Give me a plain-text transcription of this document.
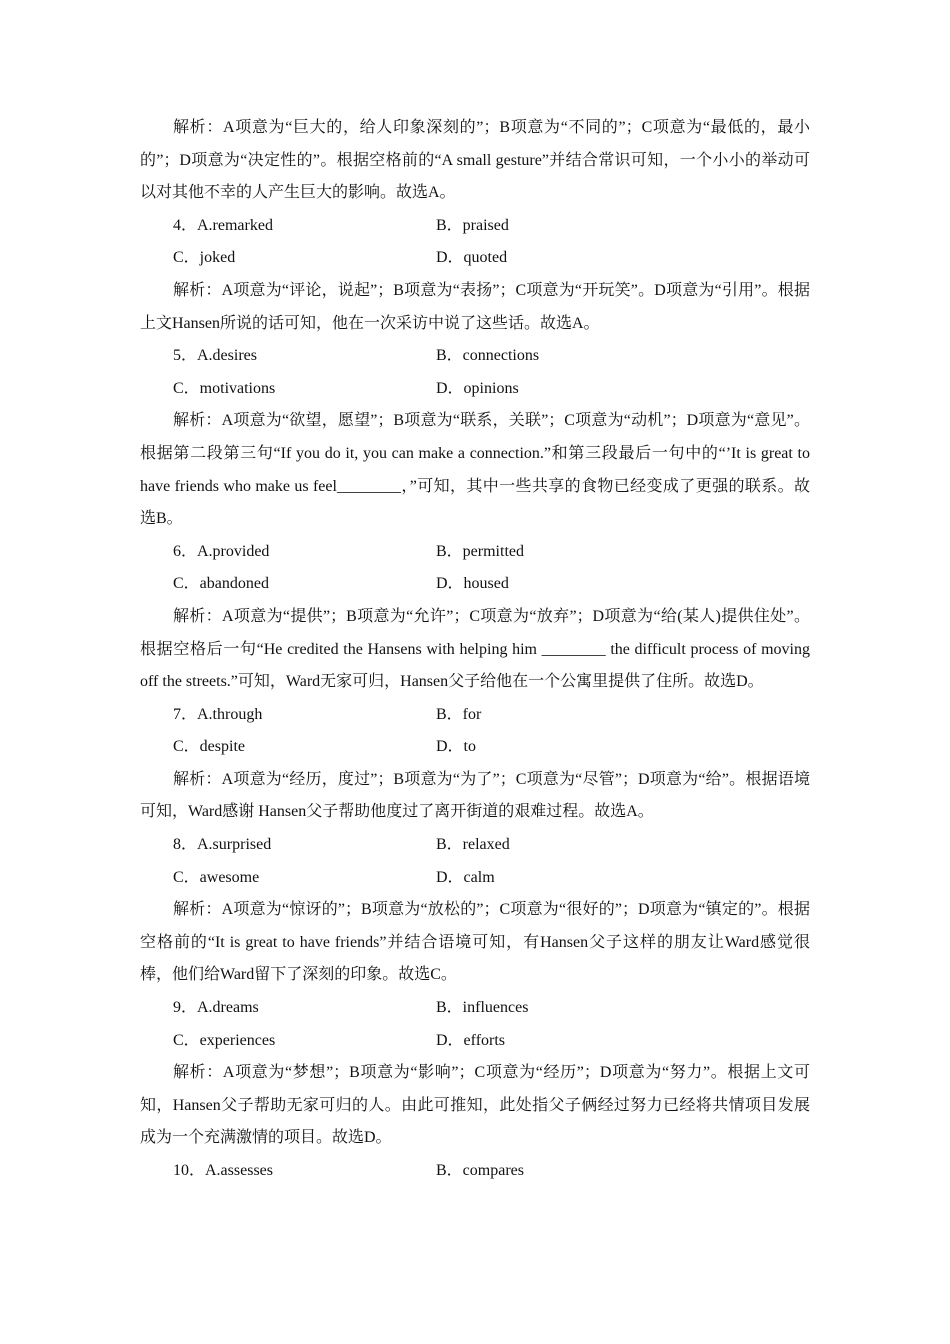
解析：A项意为“巨大的，给人印象深刻的”；B项意为“不同的”；C项意为“最低的，最小的”；D项意为“决定性的”。根据空格前的“A small gesture”并结合常识可知，一个小小的举动可以对其他不幸的人产生巨大的影响。故选A。

4．A.remarked	B．praised
C．joked	D．quoted

解析：A项意为“评论，说起”；B项意为“表扬”；C项意为“开玩笑”。D项意为“引用”。根据上文Hansen所说的话可知，他在一次采访中说了这些话。故选A。

5．A.desires	B．connections
C．motivations	D．opinions

解析：A项意为“欲望，愿望”；B项意为“联系，关联”；C项意为“动机”；D项意为“意见”。根据第二段第三句“If you do it, you can make a connection.”和第三段最后一句中的“’It is great to have friends who make us feel________，”可知，其中一些共享的食物已经变成了更强的联系。故选B。

6．A.provided	B．permitted
C．abandoned	D．housed

解析：A项意为“提供”；B项意为“允许”；C项意为“放弃”；D项意为“给(某人)提供住处”。根据空格后一句“He credited the Hansens with helping him ________ the difficult process of moving off the streets.”可知，Ward无家可归，Hansen父子给他在一个公寓里提供了住所。故选D。

7．A.through	B．for
C．despite	D．to

解析：A项意为“经历，度过”；B项意为“为了”；C项意为“尽管”；D项意为“给”。根据语境可知，Ward感谢 Hansen父子帮助他度过了离开街道的艰难过程。故选A。

8．A.surprised	B．relaxed
C．awesome	D．calm

解析：A项意为“惊讶的”；B项意为“放松的”；C项意为“很好的”；D项意为“镇定的”。根据空格前的“It is great to have friends”并结合语境可知，有Hansen父子这样的朋友让Ward感觉很棒，他们给Ward留下了深刻的印象。故选C。

9．A.dreams	B．influences
C．experiences	D．efforts

解析：A项意为“梦想”；B项意为“影响”；C项意为“经历”；D项意为“努力”。根据上文可知，Hansen父子帮助无家可归的人。由此可推知，此处指父子俩经过努力已经将共情项目发展成为一个充满激情的项目。故选D。

10．A.assesses	B．compares
